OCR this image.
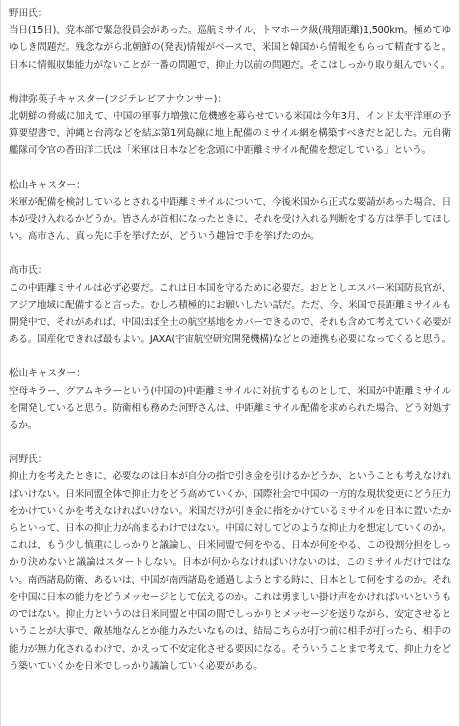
野田氏：

当日(15日)、党本部で緊急役員会があった。巡航ミサイル、トマホーク級(飛翔距離)1,500km。極めてゆゆしき問題だ。残念ながら北朝鮮の(発表)情報がベースで、米国と韓国から情報をもらって精査すると。日本に情報収集能力がないことが一番の問題で、抑止力以前の問題だ。そこはしっかり取り組んでいく。

梅津弥英子キャスター(フジテレビアナウンサー)：

北朝鮮の脅威に加えて、中国の軍事力増強に危機感を募らせている米国は今年3月、インド太平洋軍の予算要望書で、沖縄と台湾などを結ぶ第1列島線に地上配備のミサイル網を構築すべきだと記した。元自衛艦隊司令官の香田洋二氏は「米軍は日本などを念頭に中距離ミサイル配備を想定している」という。

松山キャスター：

米軍が配備を検討しているとされる中距離ミサイルについて、今後米国から正式な要請があった場合、日本が受け入れるかどうか。皆さんが首相になったときに、それを受け入れる判断をする方は挙手してほしい。高市さん、真っ先に手を挙げたが、どういう趣旨で手を挙げたのか。

高市氏：

この中距離ミサイルは必ず必要だ。これは日本国を守るために必要だ。おととしエスパー米国防長官が、アジア地域に配備すると言った。むしろ積極的にお願いしたい話だ。ただ、今、米国で長距離ミサイルも開発中で、それがあれば、中国ほぼ全土の航空基地をカバーできるので、それも含めて考えていく必要がある。国産化できれば最もよい。JAXA(宇宙航空研究開発機構)などとの連携も必要になってくると思う。

松山キャスター：

空母キラー、グアムキラーという(中国の)中距離ミサイルに対抗するものとして、米国が中距離ミサイルを開発していると思う。防衛相も務めた河野さんは、中距離ミサイル配備を求められた場合、どう対処するか。

河野氏：

抑止力を考えたときに、必要なのは日本が自分の指で引き金を引けるかどうか、ということも考えなければいけない。日米同盟全体で抑止力をどう高めていくか、国際社会で中国の一方的な現状変更にどう圧力をかけていくかを考えなければいけない。米国だけが引き金に指をかけているミサイルを日本に置いたからといって、日本の抑止力が高まるわけではない。中国に対してどのような抑止力を想定していくのか。これは、もう少し慎重にしっかりと議論し、日米同盟で何をやる、日本が何をやる、この役割分担をしっかり決めないと議論はスタートしない。日本が何からなければいけないのは、このミサイルだけではない。南西諸島防衛、あるいは、中国が南西諸島を通過しようとする時に、日本として何をするのか。それを中国に日本の能力をどうメッセージとして伝えるのか。これは勇ましい掛け声をかければいいというものではない。抑止力というのは日米同盟と中国の間でしっかりとメッセージを送りながら、安定させるということが大事で、敵基地なんとか能力みたいなものは、結局こちらが打つ前に相手が打ったら、相手の能力が無力化されるわけで、かえって不安定化させる要因になる。そういうことまで考えて、抑止力をどう築いていくかを日米でしっかり議論していく必要がある。
